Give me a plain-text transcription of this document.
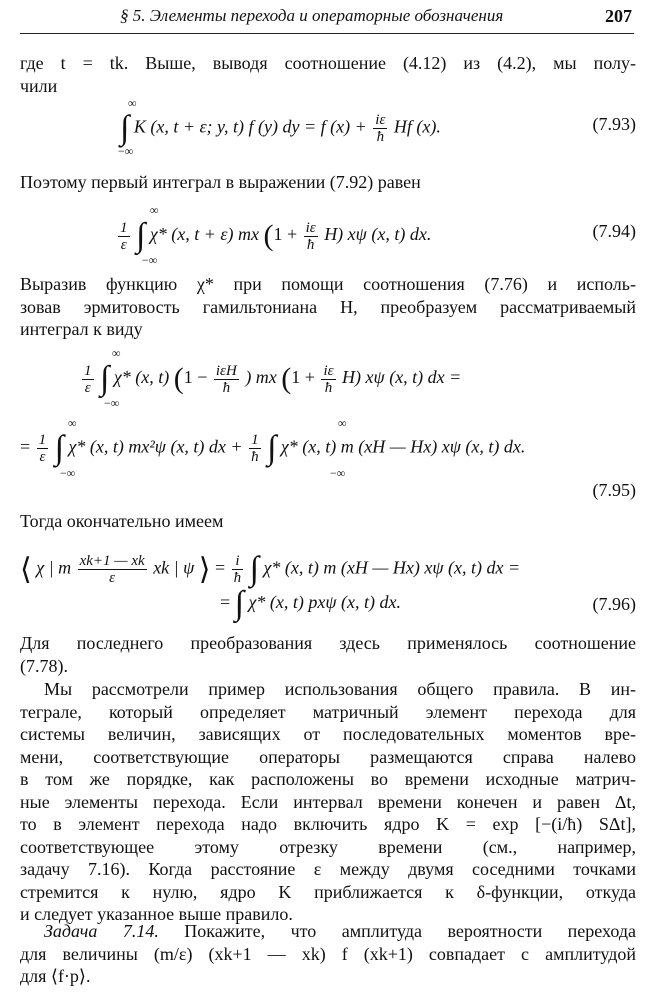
§ 5. Элементы перехода и операторные обозначения	207
где t = tk. Выше, выводя соотношение (4.12) из (4.2), мы полу-
чили
∞
−∞
∫ K (x, t + ε; y, t) f (y) dy = f $(x) + \frac{i\varepsilon}{ħ}$ Hf (x).	(7.93)
Поэтому первый интеграл в выражении (7.92) равен
∞
−∞
$\frac{1}{\varepsilon}$ ∫ χ* (x, t + ε) mx $(1 + \frac{i\varepsilon}{ħ} H)$ xψ (x, t) dx.	(7.94)
Выразив функцию χ* при помощи соотношения (7.76) и исполь-
зовав эрмитовость гамильтониана H, преобразуем рассматриваемый
интеграл к виду
∞
−∞
$\frac{1}{\varepsilon}$ ∫ χ* (x, t) ($1 - \frac{\text{iεH}}{ħ}$ ) mx $(1 + \frac{i\varepsilon}{ħ} H)$ xψ (x, t) dx =
∞
−∞
∞
−∞
= $\frac{1}{\varepsilon}$ ∫ χ* (x, t) mx²ψ (x, t) dx + $\frac{1}{ħ}$ ∫ χ* (x, t) m (xH — Hx) xψ (x, t) dx.
(7.95)
Тогда окончательно имеем
⟨ χ | m $\frac{xk+1 — xk}{\varepsilon}$ xk | ψ ⟩ = $\frac{i}{ħ}$ ∫ χ* (x, t) m (xH — Hx) xψ (x, t) dx =
= ∫ χ* (x, t) pxψ (x, t) dx.	(7.96)
Для последнего преобразования здесь применялось соотношение
(7.78).
Мы рассмотрели пример использования общего правила. В ин-
теграле, который определяет матричный элемент перехода для
системы величин, зависящих от последовательных моментов вре-
мени, соответствующие операторы размещаются справа налево
в том же порядке, как расположены во времени исходные матрич-
ные элементы перехода. Если интервал времени конечен и равен Δt,
то в элемент перехода надо включить ядро K = exp [−(i/ħ) SΔt],
соответствующее этому отрезку времени (см., например,
задачу 7.16). Когда расстояние ε между двумя соседними точками
стремится к нулю, ядро K приближается к δ-функции, откуда
и следует указанное выше правило.
Задача 7.14. Покажите, что амплитуда вероятности перехода
для величины (m/ε) (xk+1 — xk) f (xk+1) совпадает с амплитудой
для ⟨f·p⟩.
